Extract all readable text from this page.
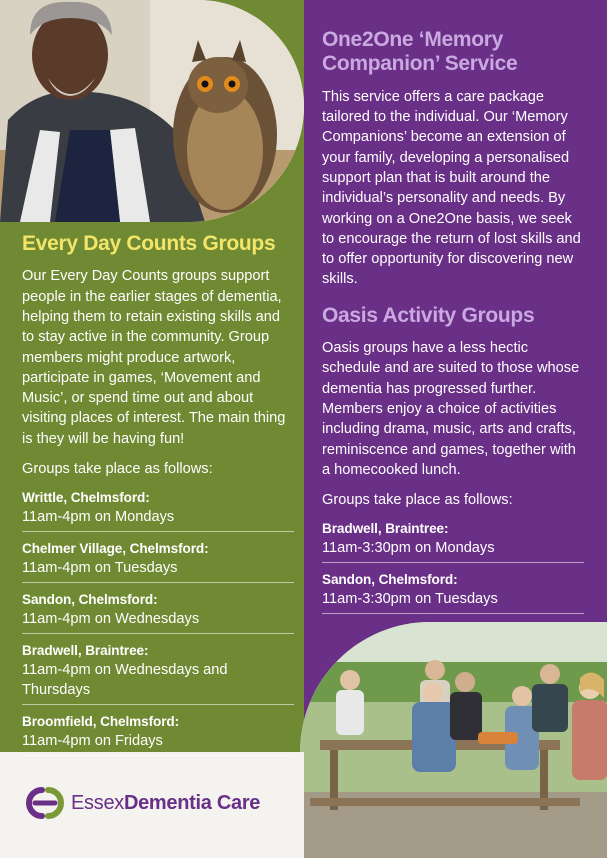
Every Day Counts Groups

Our Every Day Counts groups support people in the earlier stages of dementia, helping them to retain existing skills and to stay active in the community. Group members might produce artwork, participate in games, ‘Movement and Music’, or spend time out and about visiting places of interest. The main thing is they will be having fun!

Groups take place as follows:

Writtle, Chelmsford:
11am-4pm on Mondays
Chelmer Village, Chelmsford:
11am-4pm on Tuesdays
Sandon, Chelmsford:
11am-4pm on Wednesdays
Bradwell, Braintree:
11am-4pm on Wednesdays and Thursdays
Broomfield, Chelmsford:
11am-4pm on Fridays
One2One ‘Memory Companion’ Service

This service offers a care package tailored to the individual. Our ‘Memory Companions’ become an extension of your family, developing a personalised support plan that is built around the individual’s personality and needs. By working on a One2One basis, we seek to encourage the return of lost skills and to offer opportunity for discovering new skills.

Oasis Activity Groups

Oasis groups have a less hectic schedule and are suited to those whose dementia has progressed further. Members enjoy a choice of activities including drama, music, arts and crafts, reminiscence and games, together with a homecooked lunch.

Groups take place as follows:

Bradwell, Braintree:
11am-3:30pm on Mondays
Sandon, Chelmsford:
11am-3:30pm on Tuesdays
EssexDementia Care
